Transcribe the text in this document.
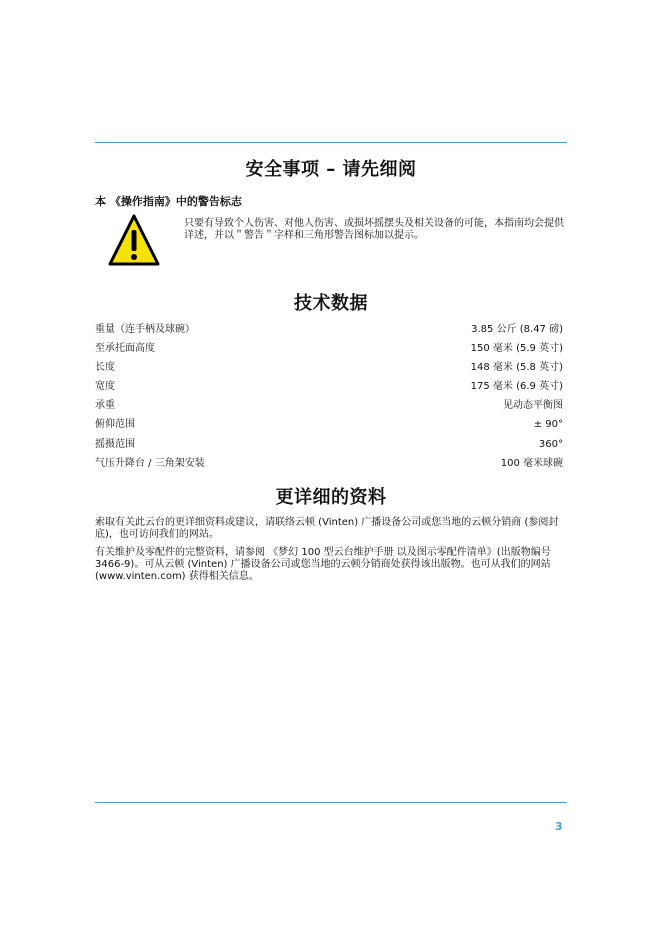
安全事项 – 请先细阅
本 《操作指南》中的警告标志
只要有导致个人伤害、对他人伤害、或损坏摇摆头及相关设备的可能，本指南均会提供详述，并以＂警告＂字样和三角形警告图标加以提示。
技术数据
重量（连手柄及球碗）	3.85 公斤 (8.47 磅)
至承托面高度	150 毫米 (5.9 英寸)
长度	148 毫米 (5.8 英寸)
宽度	175 毫米 (6.9 英寸)
承重	见动态平衡图
俯仰范围	± 90°
摇摄范围	360°
气压升降台 / 三角架安装	100 毫米球碗
更详细的资料
索取有关此云台的更详细资料或建议，请联络云顿 (Vinten) 广播设备公司或您当地的云顿分销商 (参阅封底)，也可访问我们的网站。
有关维护及零配件的完整资料，请参阅 《梦幻 100 型云台维护手册 以及图示零配件清单》(出版物编号 3466-9)。可从云顿 (Vinten) 广播设备公司或您当地的云顿分销商处获得该出版物。也可从我们的网站 (www.vinten.com) 获得相关信息。
3
